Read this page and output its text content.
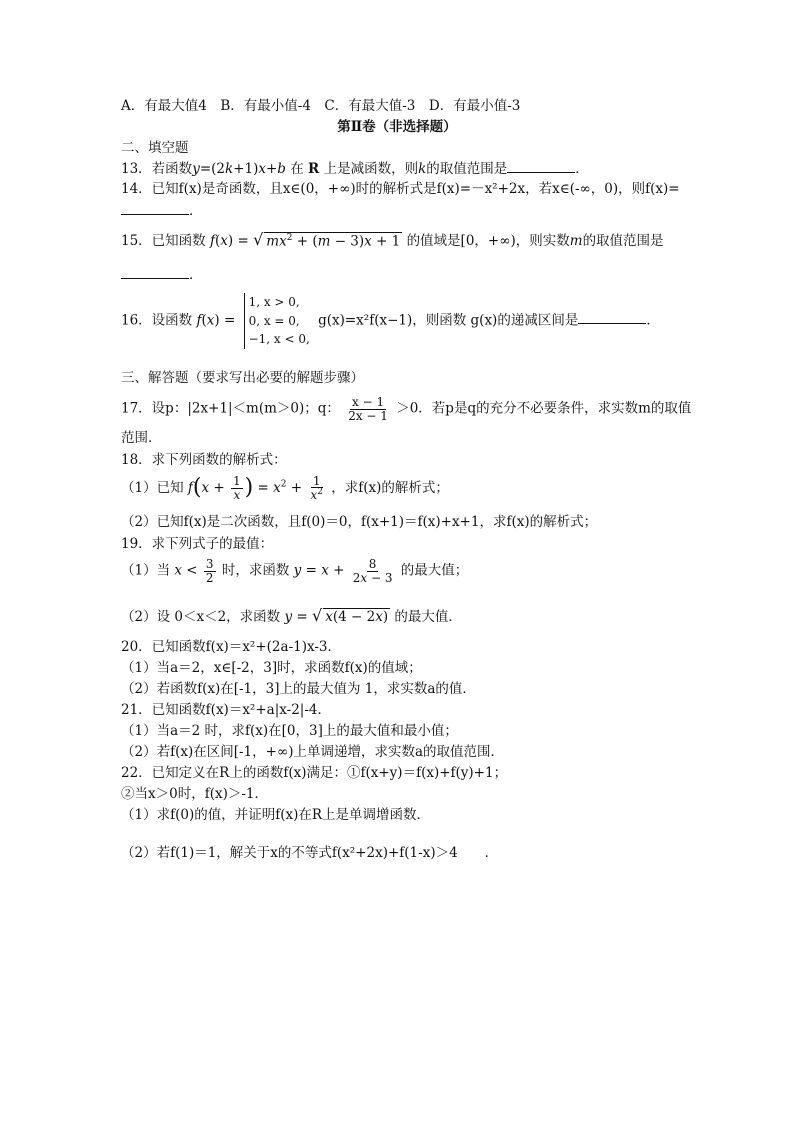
A．有最大值4　B．有最小值-4　C．有最大值-3　D．有最小值-3
第Ⅱ卷（非选择题）
二、填空题
13．若函数y=(2k+1)x+b 在 R 上是减函数，则k的取值范围是	．
14．已知f(x)是奇函数，且x∈(0，+∞)时的解析式是f(x)=－x²+2x，若x∈(-∞，0)，则f(x)=
．
15．已知函数 f(x) = √ $mx^2 + (m - 3)x + 1$ 的值域是[0，+∞)，则实数m的取值范围是
．
16．设函数 f(x) =
1, x > 0,
0, x = 0,
−1, x < 0,
g(x)=x²f(x−1)，则函数 g(x)的递减区间是	．
三、解答题（要求写出必要的解题步骤）
17．设p：|2x+1|＜m(m＞0)；q： $\frac{x - 1}{2x - 1} >0$．若p是q的充分不必要条件，求实数m的取值
范围．
18．求下列函数的解析式：
（1）已知 $f(x + \frac{1}{x}$ ) = $x^2 + \frac{1}{x^2}$ ，求f(x)的解析式；
（2）已知f(x)是二次函数，且f(0)＝0，f(x+1)＝f(x)+x+1，求f(x)的解析式；
19．求下列式子的最值：
（1）当 $x < \frac{3}{2}$ 时，求函数 $y = x + \frac{8}{2x - 3}$ 的最大值；
（2）设 0＜x＜2，求函数 y = √ x(4 − 2x) 的最大值．
20．已知函数f(x)＝x²+(2a-1)x-3．
（1）当a＝2，x∈[-2，3]时，求函数f(x)的值域；
（2）若函数f(x)在[-1，3]上的最大值为 1，求实数a的值．
21．已知函数f(x)＝x²+a|x-2|-4．
（1）当a＝2 时，求f(x)在[0，3]上的最大值和最小值；
（2）若f(x)在区间[-1，+∞)上单调递增，求实数a的取值范围．
22．已知定义在R上的函数f(x)满足：①f(x+y)＝f(x)+f(y)+1；
②当x＞0时，f(x)＞-1．
（1）求f(0)的值，并证明f(x)在R上是单调增函数．
（2）若f(1)＝1，解关于x的不等式f(x²+2x)+f(1-x)＞4　　．
